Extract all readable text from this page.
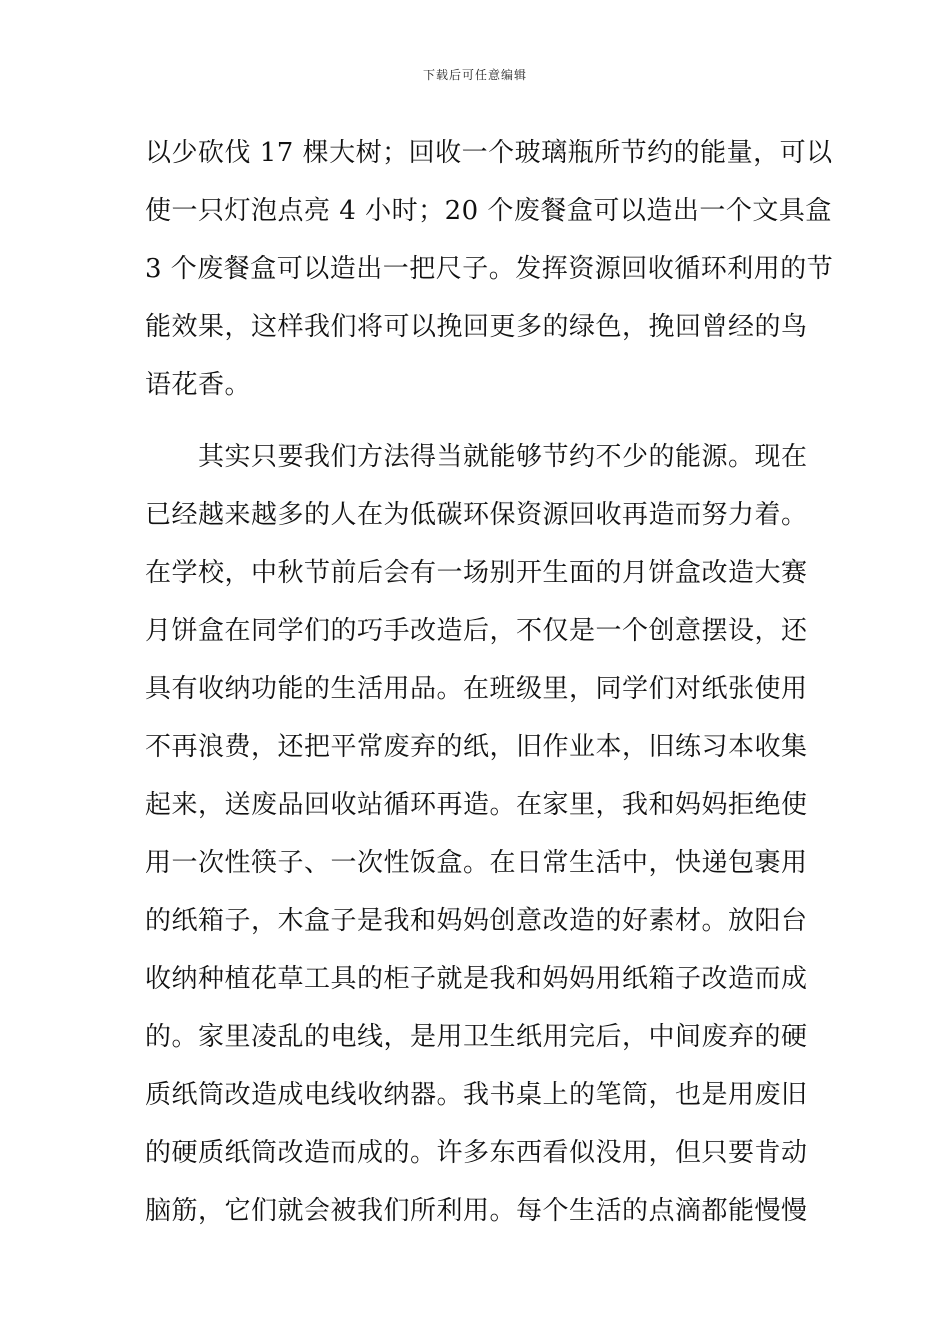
下载后可任意编辑
以少砍伐 17 棵大树；回收一个玻璃瓶所节约的能量，可以
使一只灯泡点亮 4 小时；20 个废餐盒可以造出一个文具盒
3 个废餐盒可以造出一把尺子。发挥资源回收循环利用的节
能效果，这样我们将可以挽回更多的绿色，挽回曾经的鸟
语花香。
　　其实只要我们方法得当就能够节约不少的能源。现在
已经越来越多的人在为低碳环保资源回收再造而努力着。
在学校，中秋节前后会有一场别开生面的月饼盒改造大赛
月饼盒在同学们的巧手改造后，不仅是一个创意摆设，还
具有收纳功能的生活用品。在班级里，同学们对纸张使用
不再浪费，还把平常废弃的纸，旧作业本，旧练习本收集
起来，送废品回收站循环再造。在家里，我和妈妈拒绝使
用一次性筷子、一次性饭盒。在日常生活中，快递包裹用
的纸箱子，木盒子是我和妈妈创意改造的好素材。放阳台
收纳种植花草工具的柜子就是我和妈妈用纸箱子改造而成
的。家里凌乱的电线，是用卫生纸用完后，中间废弃的硬
质纸筒改造成电线收纳器。我书桌上的笔筒，也是用废旧
的硬质纸筒改造而成的。许多东西看似没用，但只要肯动
脑筋，它们就会被我们所利用。每个生活的点滴都能慢慢
